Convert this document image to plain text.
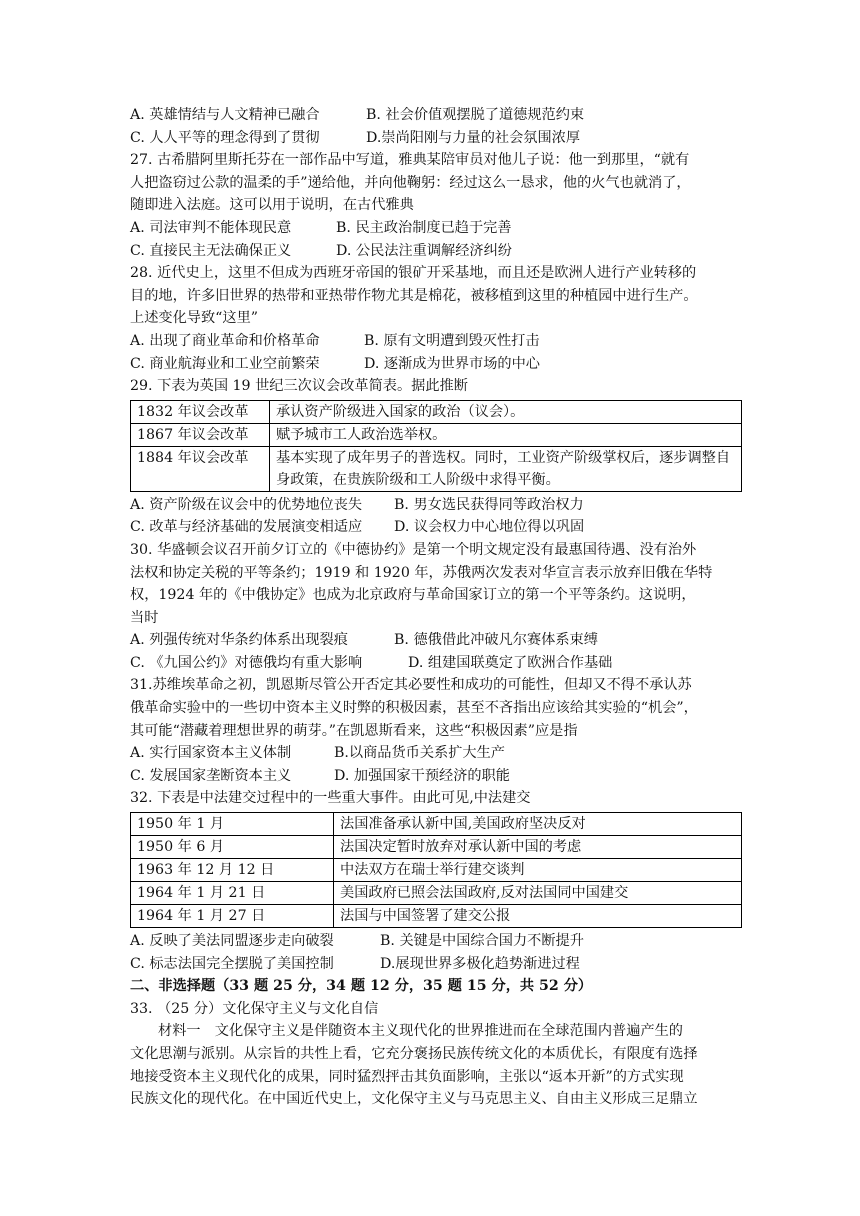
A. 英雄情结与人文精神已融合	B. 社会价值观摆脱了道德规范约束
C. 人人平等的理念得到了贯彻	D.崇尚阳刚与力量的社会氛围浓厚
27. 古希腊阿里斯托芬在一部作品中写道，雅典某陪审员对他儿子说：他一到那里，“就有
人把盗窃过公款的温柔的手”递给他，并向他鞠躬：经过这么一恳求，他的火气也就消了，
随即进入法庭。这可以用于说明，在古代雅典
A. 司法审判不能体现民意	B. 民主政治制度已趋于完善
C. 直接民主无法确保正义	D. 公民法注重调解经济纠纷
28. 近代史上，这里不但成为西班牙帝国的银矿开采基地，而且还是欧洲人进行产业转移的
目的地，许多旧世界的热带和亚热带作物尤其是棉花，被移植到这里的种植园中进行生产。
上述变化导致“这里”
A. 出现了商业革命和价格革命	B. 原有文明遭到毁灭性打击
C. 商业航海业和工业空前繁荣	D. 逐渐成为世界市场的中心
29. 下表为英国 19 世纪三次议会改革简表。据此推断
1832 年议会改革	承认资产阶级进入国家的政治（议会）。
1867 年议会改革	赋予城市工人政治选举权。
1884 年议会改革	基本实现了成年男子的普选权。同时，工业资产阶级掌权后，逐步调整自身政策，在贵族阶级和工人阶级中求得平衡。
A. 资产阶级在议会中的优势地位丧失	B. 男女选民获得同等政治权力
C. 改革与经济基础的发展演变相适应	D. 议会权力中心地位得以巩固
30. 华盛顿会议召开前夕订立的《中德协约》是第一个明文规定没有最惠国待遇、没有治外
法权和协定关税的平等条约；1919 和 1920 年，苏俄两次发表对华宣言表示放弃旧俄在华特
权，1924 年的《中俄协定》也成为北京政府与革命国家订立的第一个平等条约。这说明，
当时
A. 列强传统对华条约体系出现裂痕	B. 德俄借此冲破凡尔赛体系束缚
C. 《九国公约》对德俄均有重大影响	D. 组建国联奠定了欧洲合作基础
31.苏维埃革命之初，凯恩斯尽管公开否定其必要性和成功的可能性，但却又不得不承认苏
俄革命实验中的一些切中资本主义时弊的积极因素，甚至不吝指出应该给其实验的“机会”，
其可能“潜藏着理想世界的萌芽。”在凯恩斯看来，这些“积极因素”应是指
A. 实行国家资本主义体制	B.以商品货币关系扩大生产
C. 发展国家垄断资本主义	D. 加强国家干预经济的职能
32. 下表是中法建交过程中的一些重大事件。由此可见,中法建交
1950 年 1 月	法国准备承认新中国,美国政府坚决反对
1950 年 6 月	法国决定暂时放弃对承认新中国的考虑
1963 年 12 月 12 日	中法双方在瑞士举行建交谈判
1964 年 1 月 21 日	美国政府已照会法国政府,反对法国同中国建交
1964 年 1 月 27 日	法国与中国签署了建交公报
A. 反映了美法同盟逐步走向破裂	B. 关键是中国综合国力不断提升
C. 标志法国完全摆脱了美国控制	D.展现世界多极化趋势渐进过程
二、非选择题（33 题 25 分，34 题 12 分，35 题 15 分，共 52 分）
33. （25 分）文化保守主义与文化自信
材料一　文化保守主义是伴随资本主义现代化的世界推进而在全球范围内普遍产生的
文化思潮与派别。从宗旨的共性上看，它充分褒扬民族传统文化的本质优长，有限度有选择
地接受资本主义现代化的成果，同时猛烈抨击其负面影响，主张以“返本开新”的方式实现
民族文化的现代化。在中国近代史上，文化保守主义与马克思主义、自由主义形成三足鼎立
